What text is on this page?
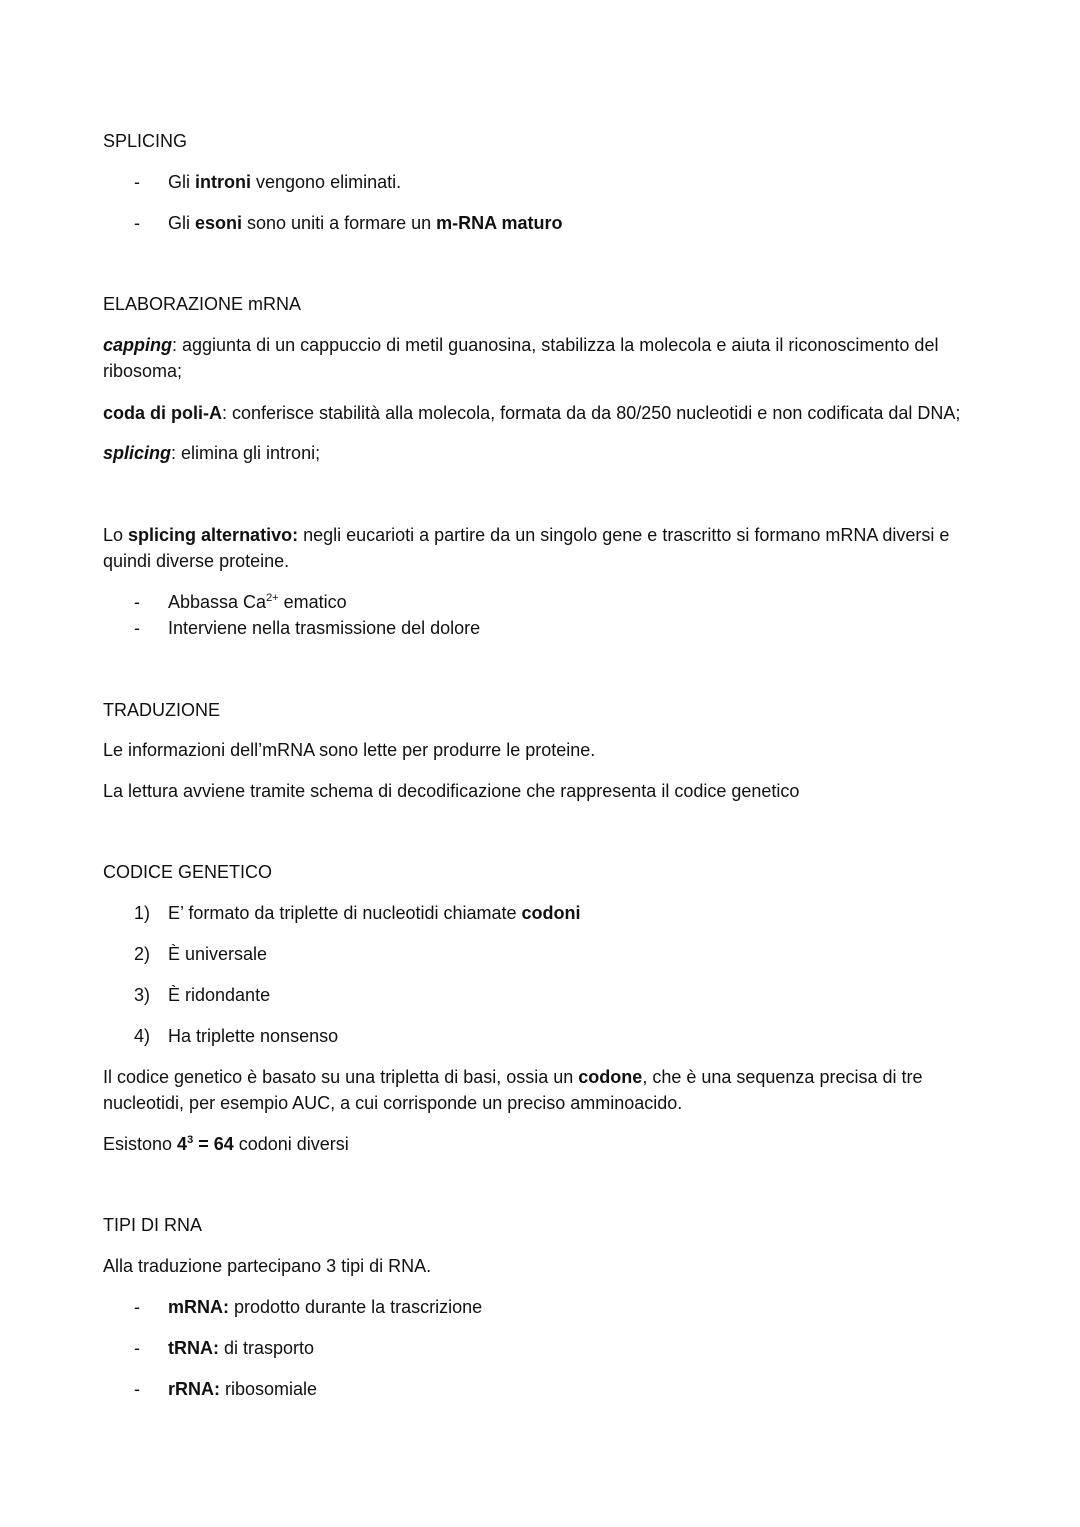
SPLICING
- Gli introni vengono eliminati.
- Gli esoni sono uniti a formare un m-RNA maturo
ELABORAZIONE mRNA
capping: aggiunta di un cappuccio di metil guanosina, stabilizza la molecola e aiuta il riconoscimento del ribosoma;
coda di poli-A: conferisce stabilità alla molecola, formata da da 80/250 nucleotidi e non codificata dal DNA;
splicing: elimina gli introni;
Lo splicing alternativo: negli eucarioti a partire da un singolo gene e trascritto si formano mRNA diversi e quindi diverse proteine.
- Abbassa $Ca^{2+}$ ematico
- Interviene nella trasmissione del dolore
TRADUZIONE
Le informazioni dell’mRNA sono lette per produrre le proteine.
La lettura avviene tramite schema di decodificazione che rappresenta il codice genetico
CODICE GENETICO
1) E’ formato da triplette di nucleotidi chiamate codoni
2) È universale
3) È ridondante
4) Ha triplette nonsenso
Il codice genetico è basato su una tripletta di basi, ossia un codone, che è una sequenza precisa di tre nucleotidi, per esempio AUC, a cui corrisponde un preciso amminoacido.
Esistono $4^3 = 64$ codoni diversi
TIPI DI RNA
Alla traduzione partecipano 3 tipi di RNA.
- mRNA: prodotto durante la trascrizione
- tRNA: di trasporto
- rRNA: ribosomiale
